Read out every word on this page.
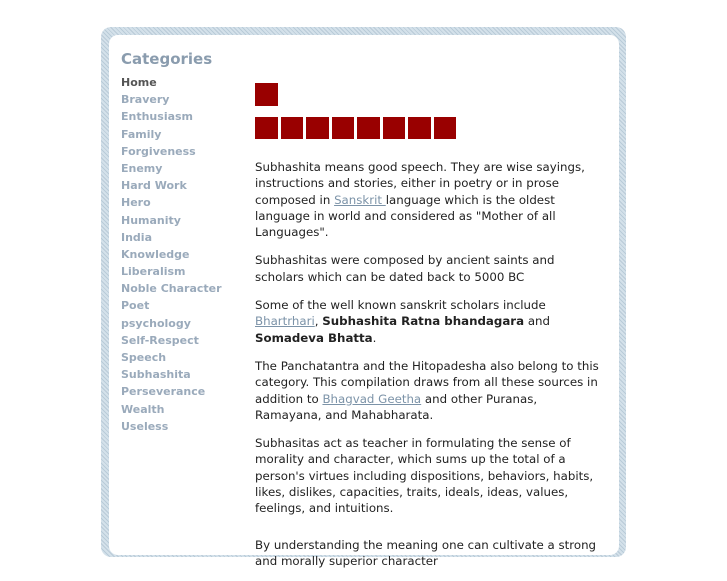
Categories
Home
Bravery
Enthusiasm
Family
Forgiveness
Enemy
Hard Work
Hero
Humanity
India
Knowledge
Liberalism
Noble Character
Poet
psychology
Self-Respect
Speech
Subhashita
Perseverance
Wealth
Useless

Subhashita means good speech. They are wise sayings, instructions and stories, either in poetry or in prose composed in Sanskrit language which is the oldest language in world and considered as "Mother of all Languages".

Subhashitas were composed by ancient saints and scholars which can be dated back to 5000 BC

Some of the well known sanskrit scholars include Bhartrhari, Subhashita Ratna bhandagara and Somadeva Bhatta.

The Panchatantra and the Hitopadesha also belong to this category. This compilation draws from all these sources in addition to Bhagvad Geetha and other Puranas, Ramayana, and Mahabharata.

Subhasitas act as teacher in formulating the sense of morality and character, which sums up the total of a person's virtues including dispositions, behaviors, habits, likes, dislikes, capacities, traits, ideals, ideas, values, feelings, and intuitions.

By understanding the meaning one can cultivate a strong and morally superior character
